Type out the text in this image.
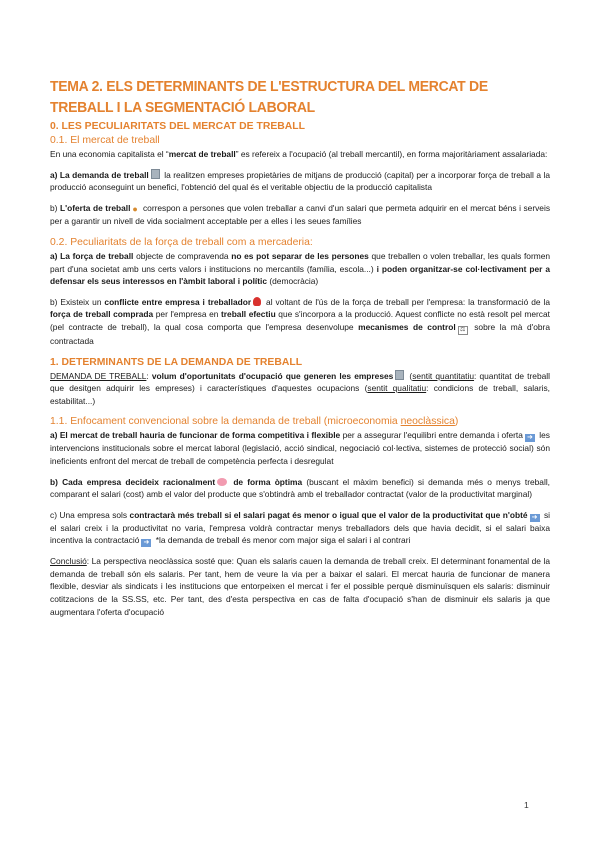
TEMA 2. ELS DETERMINANTS DE L'ESTRUCTURA DEL MERCAT DE TREBALL I LA SEGMENTACIÓ LABORAL
0. LES PECULIARITATS DEL MERCAT DE TREBALL
0.1. El mercat de treball

En una economia capitalista el “mercat de treball” es refereix a l'ocupació (al treball mercantil), en forma majoritàriament assalariada:

a) La demanda de treball la realitzen empreses propietàries de mitjans de producció (capital) per a incorporar força de treball a la producció aconseguint un benefici, l'obtenció del qual és el veritable objectiu de la producció capitalista

b) L'oferta de treball ● correspon a persones que volen treballar a canvi d'un salari que permeta adquirir en el mercat béns i serveis per a garantir un nivell de vida socialment acceptable per a elles i les seues famílies

0.2. Peculiaritats de la força de treball com a mercaderia:

a) La força de treball objecte de compravenda no es pot separar de les persones que treballen o volen treballar, les quals formen part d'una societat amb uns certs valors i institucions no mercantils (família, escola...) i poden organitzar-se col·lectivament per a defensar els seus interessos en l'àmbit laboral i polític (democràcia)

b) Existeix un conflicte entre empresa i treballador al voltant de l'ús de la força de treball per l'empresa: la transformació de la força de treball comprada per l'empresa en treball efectiu que s'incorpora a la producció. Aquest conflicte no està resolt pel mercat (pel contracte de treball), la qual cosa comporta que l'empresa desenvolupe mecanismes de control ⚖ sobre la mà d'obra contractada

1. DETERMINANTS DE LA DEMANDA DE TREBALL

DEMANDA DE TREBALL: volum d'oportunitats d'ocupació que generen les empreses (sentit quantitatiu: quantitat de treball que desitgen adquirir les empreses) i característiques d'aquestes ocupacions (sentit qualitatiu: condicions de treball, salaris, estabilitat...)

1.1. Enfocament convencional sobre la demanda de treball (microeconomia neoclàssica)

a) El mercat de treball hauria de funcionar de forma competitiva i flexible per a assegurar l'equilibri entre demanda i oferta ➜ les intervencions institucionals sobre el mercat laboral (legislació, acció sindical, negociació col·lectiva, sistemes de protecció social) són ineficients enfront del mercat de treball de competència perfecta i desregulat

b) Cada empresa decideix racionalment de forma òptima (buscant el màxim benefici) si demanda més o menys treball, comparant el salari (cost) amb el valor del producte que s'obtindrà amb el treballador contractat (valor de la productivitat marginal)

c) Una empresa sols contractarà més treball si el salari pagat és menor o igual que el valor de la productivitat que n'obté ➜ si el salari creix i la productivitat no varia, l'empresa voldrà contractar menys treballadors dels que havia decidit, si el salari baixa incentiva la contractació ➜ *la demanda de treball és menor com major siga el salari i al contrari

Conclusió: La perspectiva neoclàssica sosté que: Quan els salaris cauen la demanda de treball creix. El determinant fonamental de la demanda de treball són els salaris. Per tant, hem de veure la via per a baixar el salari. El mercat hauria de funcionar de manera flexible, desviar als sindicats i les institucions que entorpeixen el mercat i fer el possible perquè disminuïsquen els salaris: disminuir cotitzacions de la SS.SS, etc. Per tant, des d'esta perspectiva en cas de falta d'ocupació s'han de disminuir els salaris ja que augmentara l'oferta d'ocupació

1
